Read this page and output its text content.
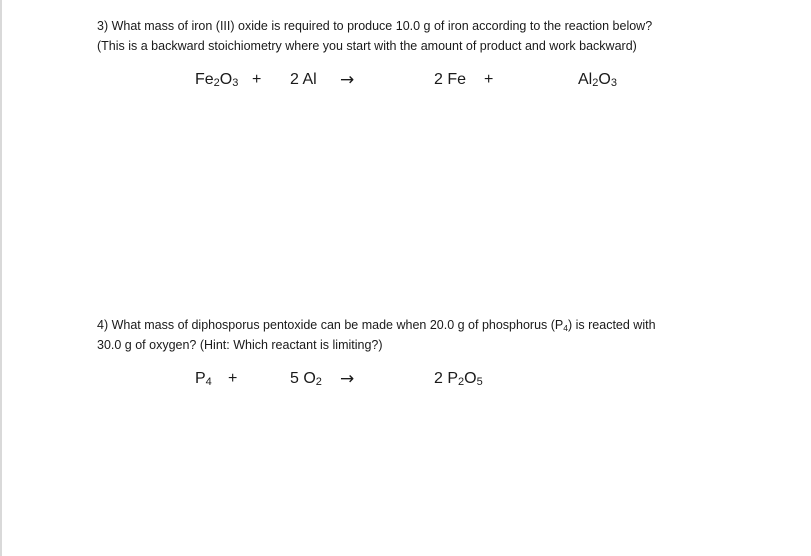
3) What mass of iron (III) oxide is required to produce 10.0 g of iron according to the reaction below?
(This is a backward stoichiometry where you start with the amount of product and work backward)
$Fe_2O_3 + 2$ Al →	2 Fe +	$Al_2O_3$
4) What mass of diphosporus pentoxide can be made when 20.0 g of phosphorus $(P_4)$ is reacted with
30.0 g of oxygen? (Hint: Which reactant is limiting?)
$P_4$ +	5 $O_2$ →	2 $P_2O_5$
